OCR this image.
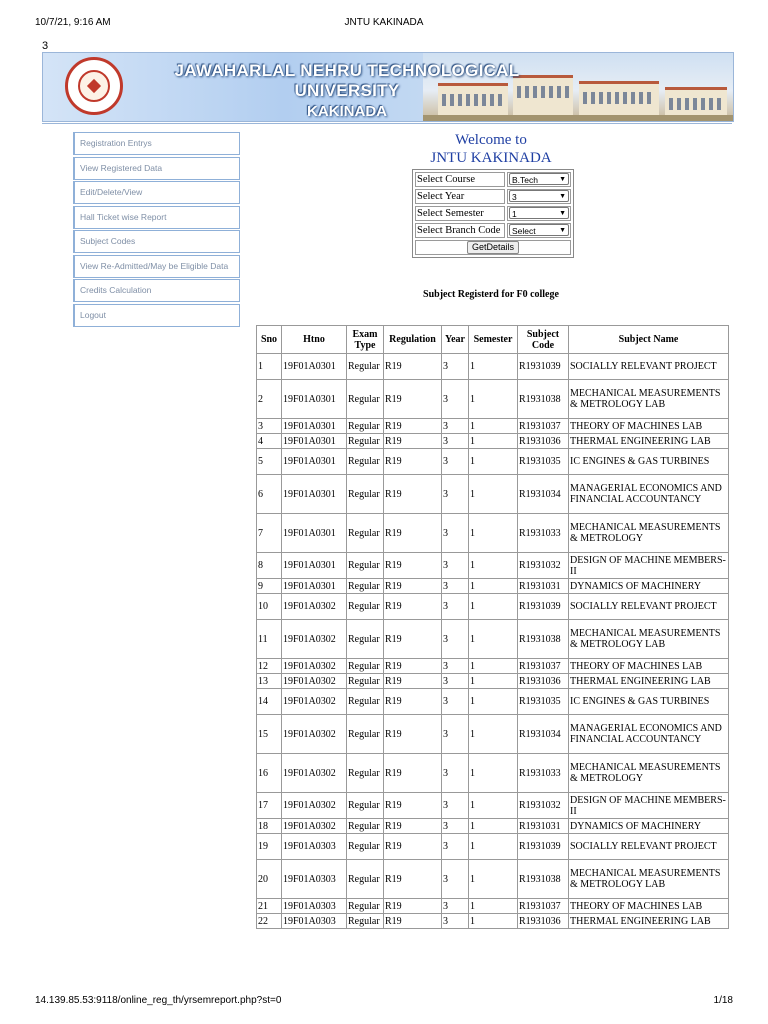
10/7/21, 9:16 AM	JNTU KAKINADA
3
JAWAHARLAL NEHRU TECHNOLOGICAL UNIVERSITY
KAKINADA
Registration Entrys
View Registered Data
Edit/Delete/View
Hall Ticket wise Report
Subject Codes
View Re-Admitted/May be Eligible Data
Credits Calculation
Logout
Welcome to
JNTU KAKINADA
Select Course	B.Tech ▼

Select Year	3 ▼

Select Semester	1 ▼

Select Branch Code	Select ▼

GetDetails	
Subject Registerd for F0 college
Sno	Htno	Exam Type	Regulation	Year	Semester	Subject Code	Subject Name
1	19F01A0301	Regular	R19	3	1	R1931039	SOCIALLY RELEVANT PROJECT
2	19F01A0301	Regular	R19	3	1	R1931038	MECHANICAL MEASUREMENTS & METROLOGY LAB
3	19F01A0301	Regular	R19	3	1	R1931037	THEORY OF MACHINES LAB
4	19F01A0301	Regular	R19	3	1	R1931036	THERMAL ENGINEERING LAB
5	19F01A0301	Regular	R19	3	1	R1931035	IC ENGINES & GAS TURBINES
6	19F01A0301	Regular	R19	3	1	R1931034	MANAGERIAL ECONOMICS AND FINANCIAL ACCOUNTANCY
7	19F01A0301	Regular	R19	3	1	R1931033	MECHANICAL MEASUREMENTS & METROLOGY
8	19F01A0301	Regular	R19	3	1	R1931032	DESIGN OF MACHINE MEMBERS-II
9	19F01A0301	Regular	R19	3	1	R1931031	DYNAMICS OF MACHINERY
10	19F01A0302	Regular	R19	3	1	R1931039	SOCIALLY RELEVANT PROJECT
11	19F01A0302	Regular	R19	3	1	R1931038	MECHANICAL MEASUREMENTS & METROLOGY LAB
12	19F01A0302	Regular	R19	3	1	R1931037	THEORY OF MACHINES LAB
13	19F01A0302	Regular	R19	3	1	R1931036	THERMAL ENGINEERING LAB
14	19F01A0302	Regular	R19	3	1	R1931035	IC ENGINES & GAS TURBINES
15	19F01A0302	Regular	R19	3	1	R1931034	MANAGERIAL ECONOMICS AND FINANCIAL ACCOUNTANCY
16	19F01A0302	Regular	R19	3	1	R1931033	MECHANICAL MEASUREMENTS & METROLOGY
17	19F01A0302	Regular	R19	3	1	R1931032	DESIGN OF MACHINE MEMBERS-II
18	19F01A0302	Regular	R19	3	1	R1931031	DYNAMICS OF MACHINERY
19	19F01A0303	Regular	R19	3	1	R1931039	SOCIALLY RELEVANT PROJECT
20	19F01A0303	Regular	R19	3	1	R1931038	MECHANICAL MEASUREMENTS & METROLOGY LAB
21	19F01A0303	Regular	R19	3	1	R1931037	THEORY OF MACHINES LAB
22	19F01A0303	Regular	R19	3	1	R1931036	THERMAL ENGINEERING LAB
14.139.85.53:9118/online_reg_th/yrsemreport.php?st=0	1/18
